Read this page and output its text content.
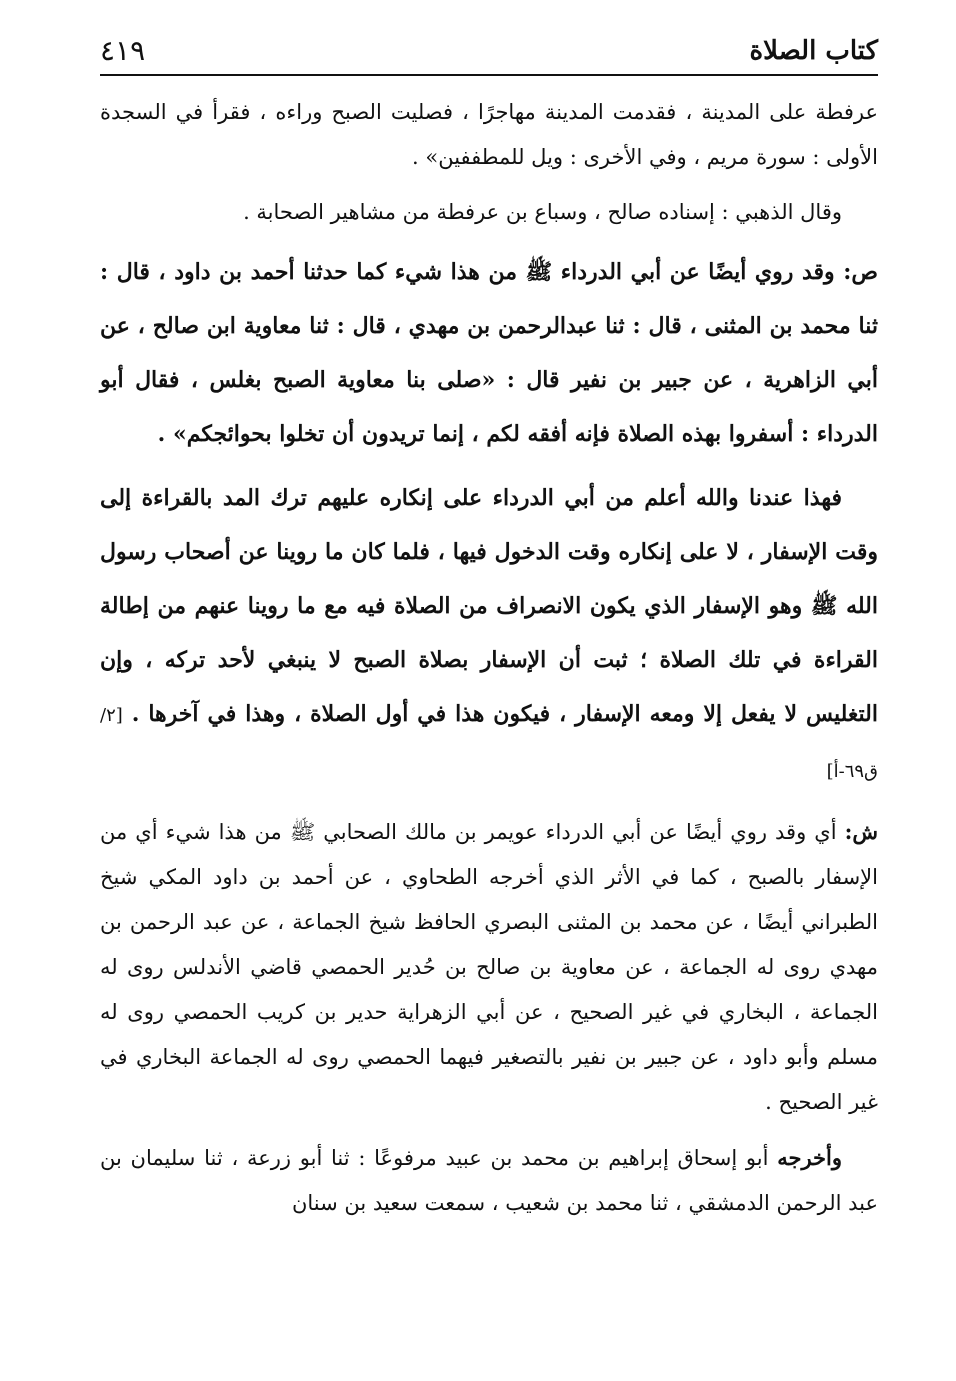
كتاب الصلاة
٤١٩

عرفطة على المدينة ، فقدمت المدينة مهاجرًا ، فصليت الصبح وراءه ، فقرأ في السجدة الأولى : سورة مريم ، وفي الأخرى : ويل للمطففين» .

وقال الذهبي : إسناده صالح ، وسباع بن عرفطة من مشاهير الصحابة .

ص: وقد روي أيضًا عن أبي الدرداء ﷺ من هذا شيء كما حدثنا أحمد بن داود ، قال : ثنا محمد بن المثنى ، قال : ثنا عبدالرحمن بن مهدي ، قال : ثنا معاوية ابن صالح ، عن أبي الزاهرية ، عن جبير بن نفير قال : «صلى بنا معاوية الصبح بغلس ، فقال أبو الدرداء : أسفروا بهذه الصلاة فإنه أفقه لكم ، إنما تريدون أن تخلوا بحوائجكم» .

فهذا عندنا والله أعلم من أبي الدرداء على إنكاره عليهم ترك المد بالقراءة إلى وقت الإسفار ، لا على إنكاره وقت الدخول فيها ، فلما كان ما روينا عن أصحاب رسول الله ﷺ وهو الإسفار الذي يكون الانصراف من الصلاة فيه مع ما روينا عنهم من إطالة القراءة في تلك الصلاة ؛ ثبت أن الإسفار بصلاة الصبح لا ينبغي لأحد تركه ، وإن التغليس لا يفعل إلا ومعه الإسفار ، فيكون هذا في أول الصلاة ، وهذا في آخرها . [٢/ ق٦٩-أ]

ش: أي وقد روي أيضًا عن أبي الدرداء عويمر بن مالك الصحابي ﷺ من هذا شيء أي من الإسفار بالصبح ، كما في الأثر الذي أخرجه الطحاوي ، عن أحمد بن داود المكي شيخ الطبراني أيضًا ، عن محمد بن المثنى البصري الحافظ شيخ الجماعة ، عن عبد الرحمن بن مهدي روى له الجماعة ، عن معاوية بن صالح بن حُدير الحمصي قاضي الأندلس روى له الجماعة ، البخاري في غير الصحيح ، عن أبي الزهراية حدير بن كريب الحمصي روى له مسلم وأبو داود ، عن جبير بن نفير بالتصغير فيهما الحمصي روى له الجماعة البخاري في غير الصحيح .

وأخرجه أبو إسحاق إبراهيم بن محمد بن عبيد مرفوعًا : ثنا أبو زرعة ، ثنا سليمان بن عبد الرحمن الدمشقي ، ثنا محمد بن شعيب ، سمعت سعيد بن سنان
